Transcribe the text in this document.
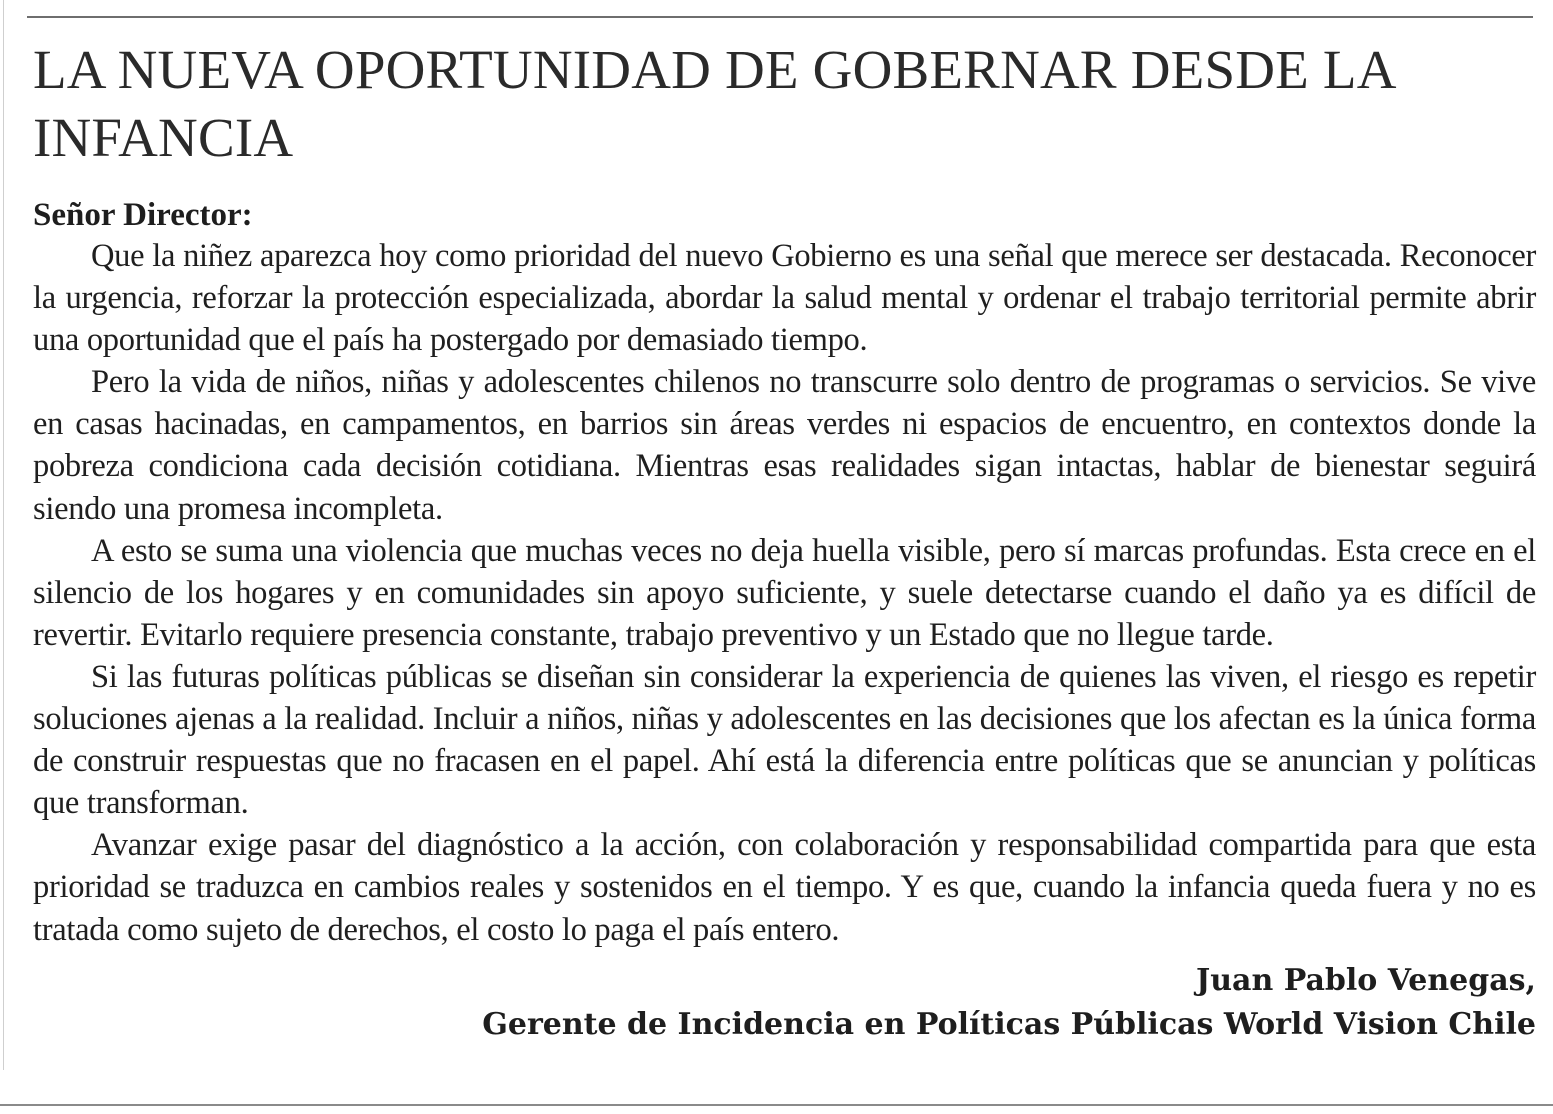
LA NUEVA OPORTUNIDAD DE GOBERNAR DESDE LA INFANCIA
Señor Director:

Que la niñez aparezca hoy como prioridad del nuevo Gobierno es una señal que merece ser destacada. Reconocer la urgencia, reforzar la protección especializada, abordar la salud mental y ordenar el trabajo territorial permite abrir una oportunidad que el país ha postergado por demasiado tiempo.

Pero la vida de niños, niñas y adolescentes chilenos no transcurre solo dentro de programas o servicios. Se vive en casas hacinadas, en campamentos, en barrios sin áreas verdes ni espacios de encuentro, en contextos donde la pobreza condiciona cada decisión cotidiana. Mientras esas realidades sigan intactas, hablar de bienestar seguirá siendo una promesa incompleta.

A esto se suma una violencia que muchas veces no deja huella visible, pero sí marcas profundas. Esta crece en el silencio de los hogares y en comunidades sin apoyo suficiente, y suele detectarse cuando el daño ya es difícil de revertir. Evitarlo requiere presencia constante, trabajo preventivo y un Estado que no llegue tarde.

Si las futuras políticas públicas se diseñan sin considerar la experiencia de quienes las viven, el riesgo es repetir soluciones ajenas a la realidad. Incluir a niños, niñas y adolescentes en las decisiones que los afectan es la única forma de construir respuestas que no fracasen en el papel. Ahí está la diferencia entre políticas que se anuncian y políticas que transforman.

Avanzar exige pasar del diagnóstico a la acción, con colaboración y responsabilidad compartida para que esta prioridad se traduzca en cambios reales y sostenidos en el tiempo. Y es que, cuando la infancia queda fuera y no es tratada como sujeto de derechos, el costo lo paga el país entero.

Juan Pablo Venegas,
Gerente de Incidencia en Políticas Públicas World Vision Chile
